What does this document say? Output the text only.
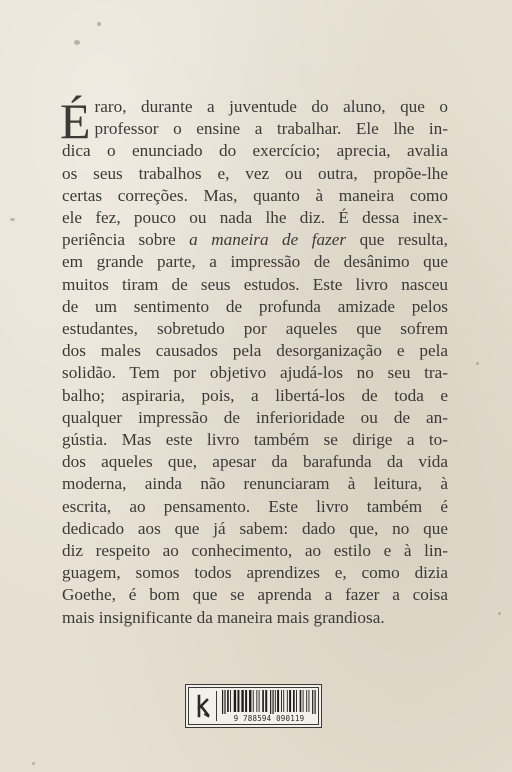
É raro, durante a juventude do aluno, que o
professor o ensine a trabalhar. Ele lhe in-
dica o enunciado do exercício; aprecia, avalia
os seus trabalhos e, vez ou outra, propõe-lhe
certas correções. Mas, quanto à maneira como
ele fez, pouco ou nada lhe diz. É dessa inex-
periência sobre a maneira de fazer que resulta,
em grande parte, a impressão de desânimo que
muitos tiram de seus estudos. Este livro nasceu
de um sentimento de profunda amizade pelos
estudantes, sobretudo por aqueles que sofrem
dos males causados pela desorganização e pela
solidão. Tem por objetivo ajudá-los no seu tra-
balho; aspiraria, pois, a libertá-los de toda e
qualquer impressão de inferioridade ou de an-
gústia. Mas este livro também se dirige a to-
dos aqueles que, apesar da barafunda da vida
moderna, ainda não renunciaram à leitura, à
escrita, ao pensamento. Este livro também é
dedicado aos que já sabem: dado que, no que
diz respeito ao conhecimento, ao estilo e à lin-
guagem, somos todos aprendizes e, como dizia
Goethe, é bom que se aprenda a fazer a coisa
mais insignificante da maneira mais grandiosa.
9 788594 090119
